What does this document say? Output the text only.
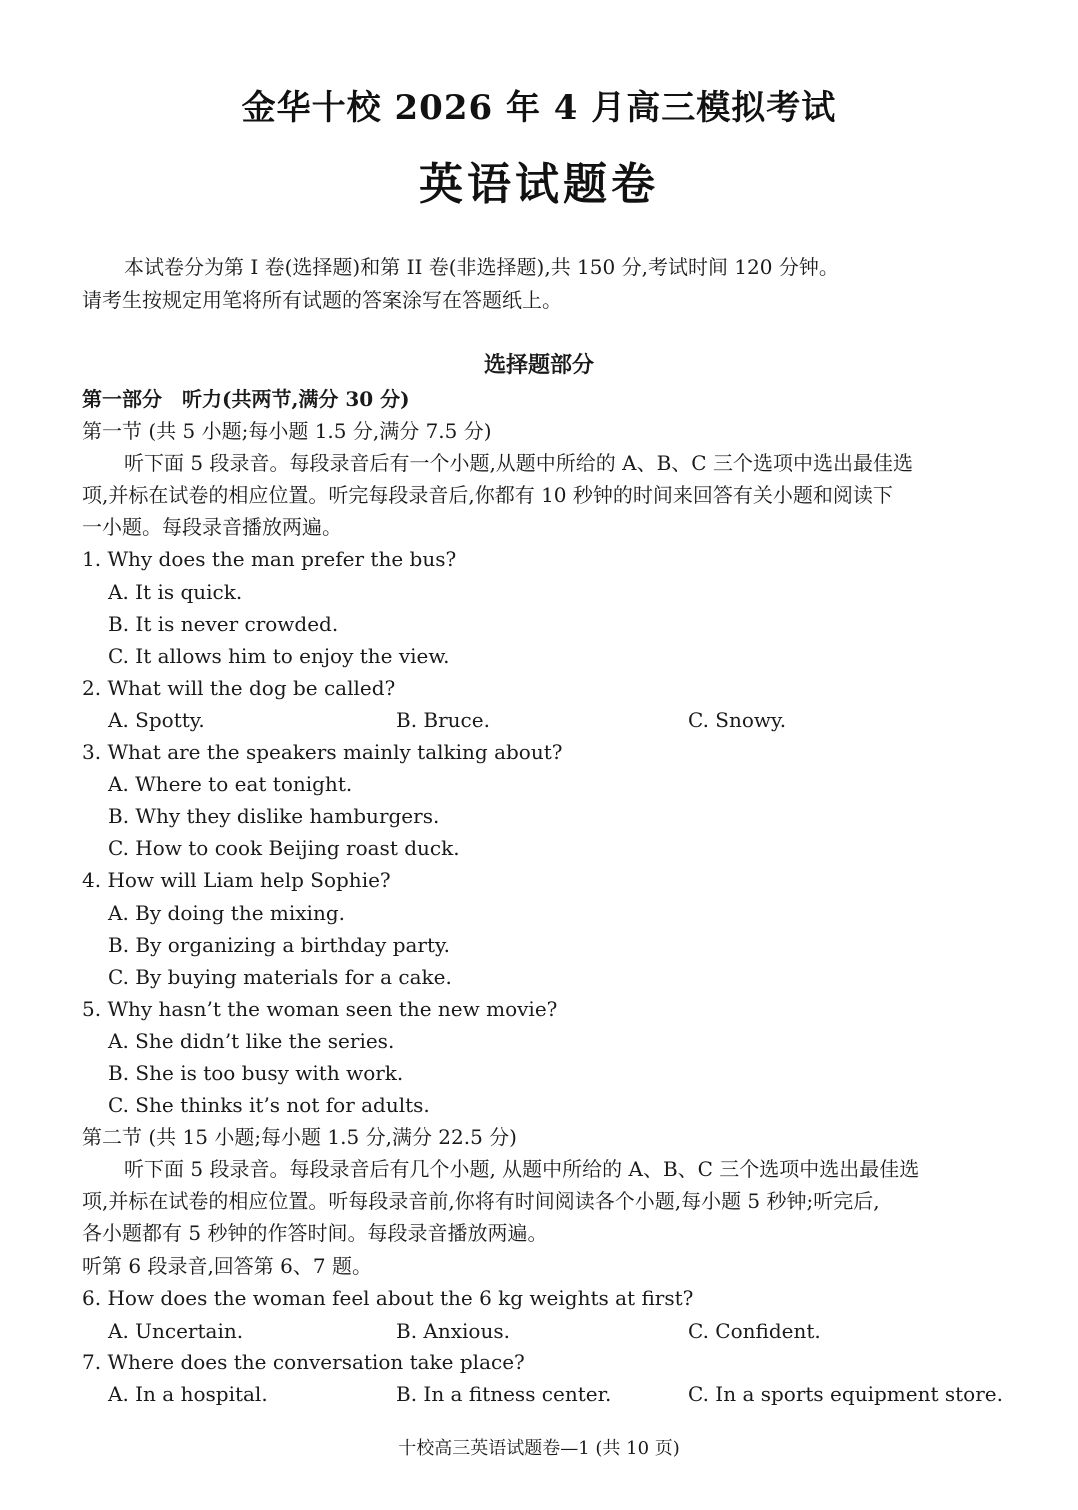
金华十校 2026 年 4 月高三模拟考试
英语试题卷
本试卷分为第 I 卷(选择题)和第 II 卷(非选择题),共 150 分,考试时间 120 分钟。
请考生按规定用笔将所有试题的答案涂写在答题纸上。
选择题部分
第一部分　听力(共两节,满分 30 分)
第一节 (共 5 小题;每小题 1.5 分,满分 7.5 分)
听下面 5 段录音。每段录音后有一个小题,从题中所给的 A、B、C 三个选项中选出最佳选
项,并标在试卷的相应位置。听完每段录音后,你都有 10 秒钟的时间来回答有关小题和阅读下
一小题。每段录音播放两遍。
1. Why does the man prefer the bus?
A. It is quick.
B. It is never crowded.
C. It allows him to enjoy the view.
2. What will the dog be called?
A. Spotty.	B. Bruce.	C. Snowy.
3. What are the speakers mainly talking about?
A. Where to eat tonight.
B. Why they dislike hamburgers.
C. How to cook Beijing roast duck.
4. How will Liam help Sophie?
A. By doing the mixing.
B. By organizing a birthday party.
C. By buying materials for a cake.
5. Why hasn’t the woman seen the new movie?
A. She didn’t like the series.
B. She is too busy with work.
C. She thinks it’s not for adults.
第二节 (共 15 小题;每小题 1.5 分,满分 22.5 分)
听下面 5 段录音。每段录音后有几个小题, 从题中所给的 A、B、C 三个选项中选出最佳选
项,并标在试卷的相应位置。听每段录音前,你将有时间阅读各个小题,每小题 5 秒钟;听完后,
各小题都有 5 秒钟的作答时间。每段录音播放两遍。
听第 6 段录音,回答第 6、7 题。
6. How does the woman feel about the 6 kg weights at first?
A. Uncertain.	B. Anxious.	C. Confident.
7. Where does the conversation take place?
A. In a hospital.	B. In a fitness center.	C. In a sports equipment store.
十校高三英语试题卷—1 (共 10 页)
